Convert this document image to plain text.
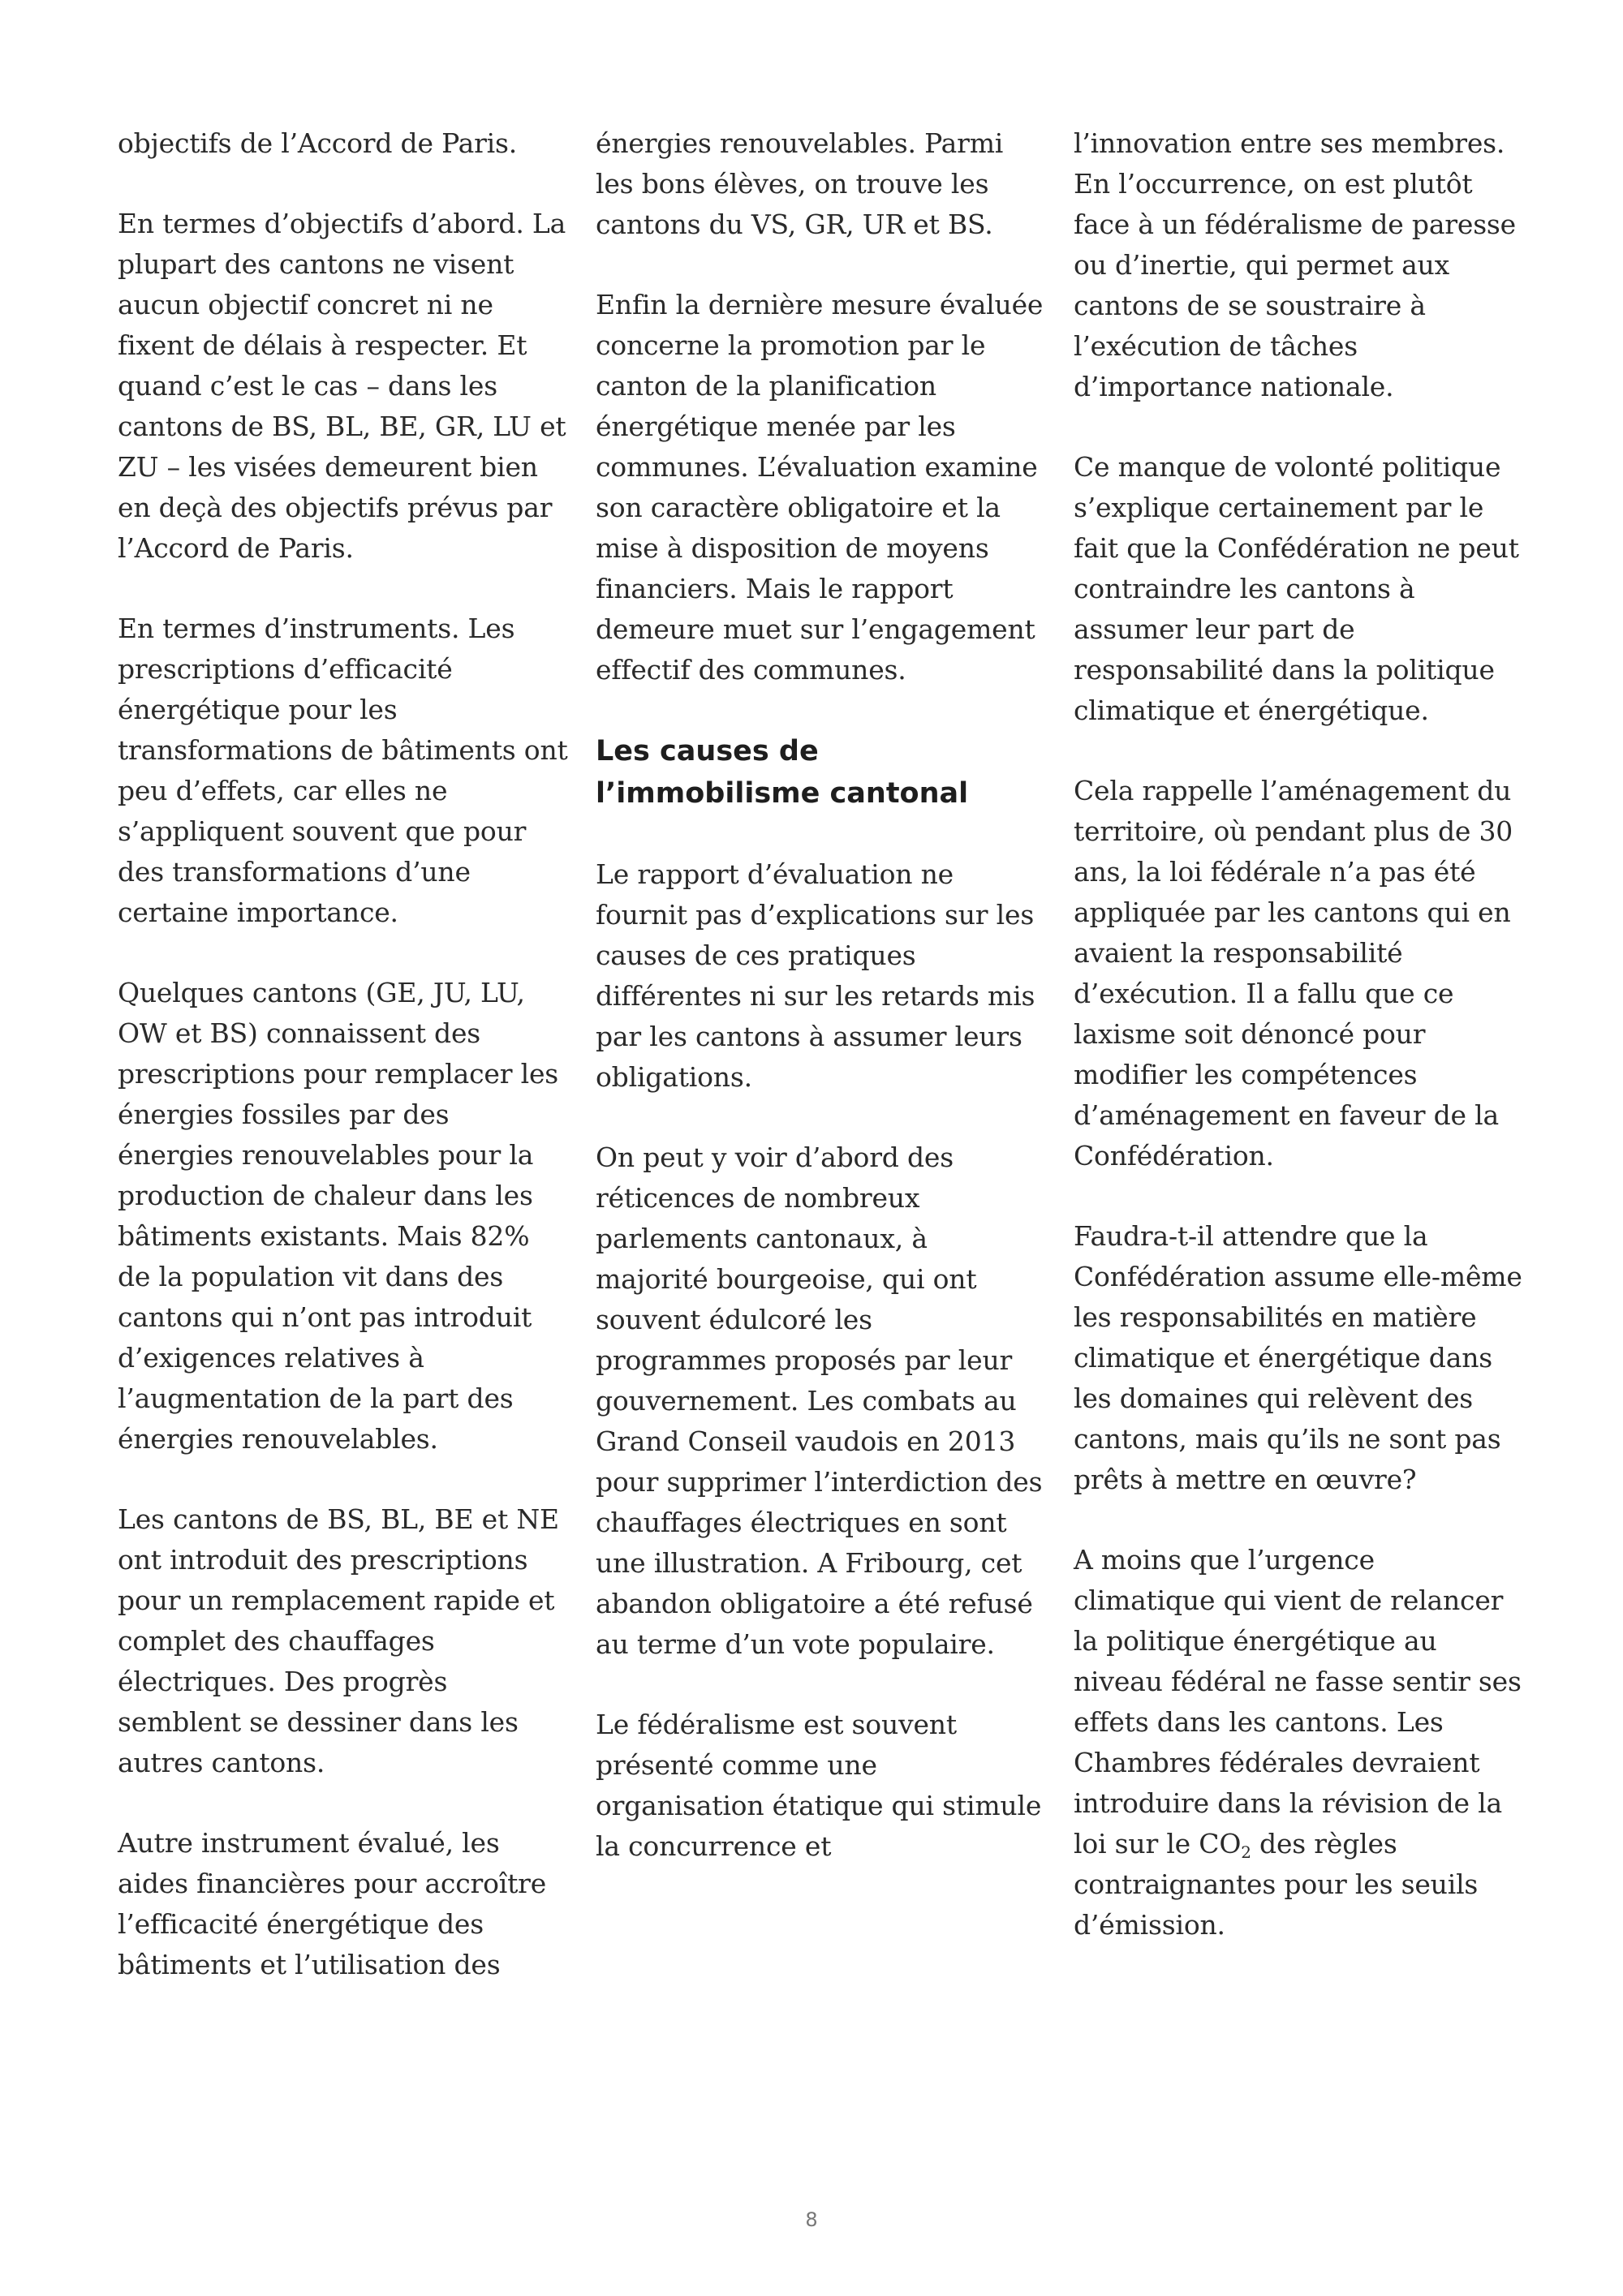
objectifs de l’Accord de Paris.

En termes d’objectifs d’abord. La plupart des cantons ne visent aucun objectif concret ni ne fixent de délais à respecter. Et quand c’est le cas – dans les cantons de BS, BL, BE, GR, LU et ZU – les visées demeurent bien en deçà des objectifs prévus par l’Accord de Paris.

En termes d’instruments. Les prescriptions d’efficacité énergétique pour les transformations de bâtiments ont peu d’effets, car elles ne s’appliquent souvent que pour des transformations d’une certaine importance.

Quelques cantons (GE, JU, LU, OW et BS) connaissent des prescriptions pour remplacer les énergies fossiles par des énergies renouvelables pour la production de chaleur dans les bâtiments existants. Mais 82% de la population vit dans des cantons qui n’ont pas introduit d’exigences relatives à l’augmentation de la part des énergies renouvelables.

Les cantons de BS, BL, BE et NE ont introduit des prescriptions pour un remplacement rapide et complet des chauffages électriques. Des progrès semblent se dessiner dans les autres cantons.

Autre instrument évalué, les aides financières pour accroître l’efficacité énergétique des bâtiments et l’utilisation des

énergies renouvelables. Parmi les bons élèves, on trouve les cantons du VS, GR, UR et BS.

Enfin la dernière mesure évaluée concerne la promotion par le canton de la planification énergétique menée par les communes. L’évaluation examine son caractère obligatoire et la mise à disposition de moyens financiers. Mais le rapport demeure muet sur l’engagement effectif des communes.

Les causes de
l’immobilisme cantonal

Le rapport d’évaluation ne fournit pas d’explications sur les causes de ces pratiques différentes ni sur les retards mis par les cantons à assumer leurs obligations.

On peut y voir d’abord des réticences de nombreux parlements cantonaux, à majorité bourgeoise, qui ont souvent édulcoré les programmes proposés par leur gouvernement. Les combats au Grand Conseil vaudois en 2013 pour supprimer l’interdiction des chauffages électriques en sont une illustration. A Fribourg, cet abandon obligatoire a été refusé au terme d’un vote populaire.

Le fédéralisme est souvent présenté comme une organisation étatique qui stimule la concurrence et

l’innovation entre ses membres. En l’occurrence, on est plutôt face à un fédéralisme de paresse ou d’inertie, qui permet aux cantons de se soustraire à l’exécution de tâches d’importance nationale.

Ce manque de volonté politique s’explique certainement par le fait que la Confédération ne peut contraindre les cantons à assumer leur part de responsabilité dans la politique climatique et énergétique.

Cela rappelle l’aménagement du territoire, où pendant plus de 30 ans, la loi fédérale n’a pas été appliquée par les cantons qui en avaient la responsabilité d’exécution. Il a fallu que ce laxisme soit dénoncé pour modifier les compétences d’aménagement en faveur de la Confédération.

Faudra-t-il attendre que la Confédération assume elle-même les responsabilités en matière climatique et énergétique dans les domaines qui relèvent des cantons, mais qu’ils ne sont pas prêts à mettre en œuvre?

A moins que l’urgence climatique qui vient de relancer la politique énergétique au niveau fédéral ne fasse sentir ses effets dans les cantons. Les Chambres fédérales devraient introduire dans la révision de la loi sur le $CO_2$ des règles contraignantes pour les seuils d’émission.

8
